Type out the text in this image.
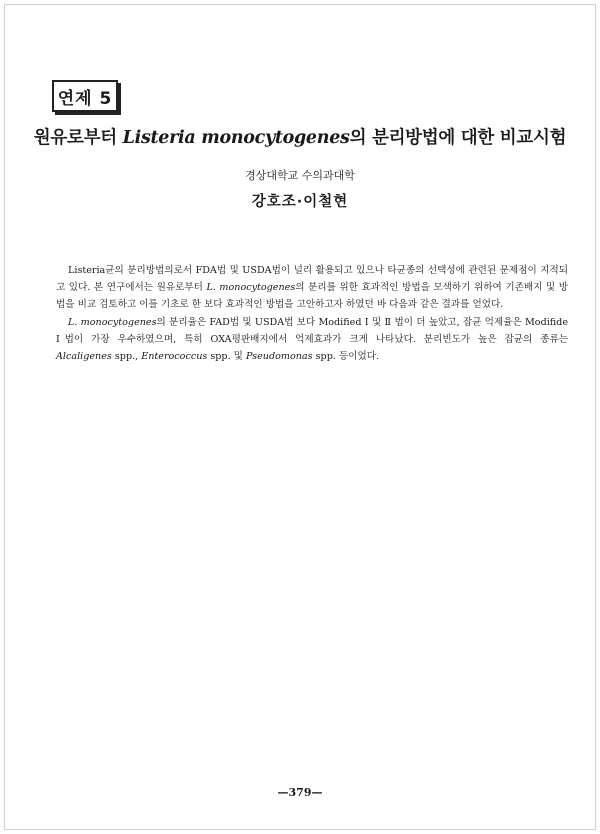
연제 5
원유로부터 Listeria monocytogenes의 분리방법에 대한 비교시험
경상대학교 수의과대학
강호조·이철현

Listeria균의 분리방법의로서 FDA법 및 USDA법이 널리 활용되고 있으나 타균종의 선택성에 관련된 문제점이 지적되고 있다. 본 연구에서는 원유로부터 L. monocytogenes의 분리를 위한 효과적인 방법을 모색하기 위하여 기존배지 및 방법을 비교 검토하고 이를 기초로 한 보다 효과적인 방법을 고안하고자 하였던 바 다음과 같은 결과를 얻었다.

L. monocytogenes의 분리율은 FAD법 및 USDA법 보다 Modified Ⅰ 및 Ⅱ 법이 더 높았고, 잡균 억제율은 Modifide Ⅰ법이 가장 우수하였으며, 특히 OXA평판배지에서 억제효과가 크게 나타났다. 분리빈도가 높은 잡균의 종류는 Alcaligenes spp., Enterococcus spp. 및 Pseudomonas spp. 등이었다.

—379—
